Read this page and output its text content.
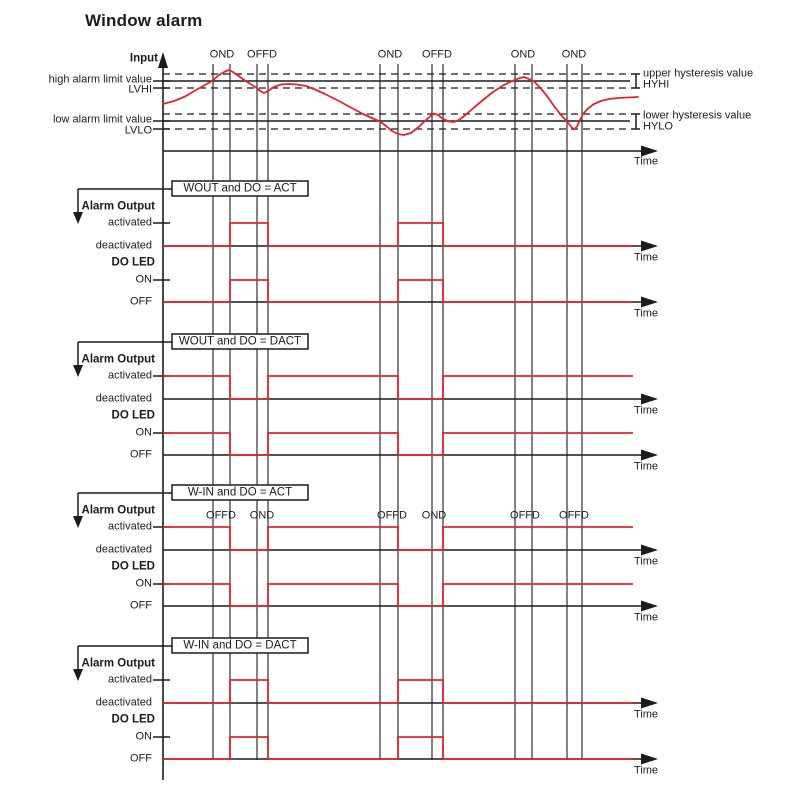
Window alarm
Input
high alarm limit value
LVHI
low alarm limit value
LVLO
upper hysteresis value
HYHI
lower hysteresis value
HYLO
OND OFFD	OND OFFD	OND OND
Time
WOUT and DO = ACT
Alarm Output
activated
deactivated
DO LED
ON
OFF
Time
Time
WOUT and DO = DACT
Alarm Output
activated
deactivated
DO LED
ON
OFF
Time
Time
W-IN and DO = ACT
Alarm Output
activated
deactivated
DO LED
ON
OFF
Time
Time
OFFD OND	OFFD OND	OFFD OFFD
W-IN and DO = DACT
Alarm Output
activated
deactivated
DO LED
ON
OFF
Time
Time
